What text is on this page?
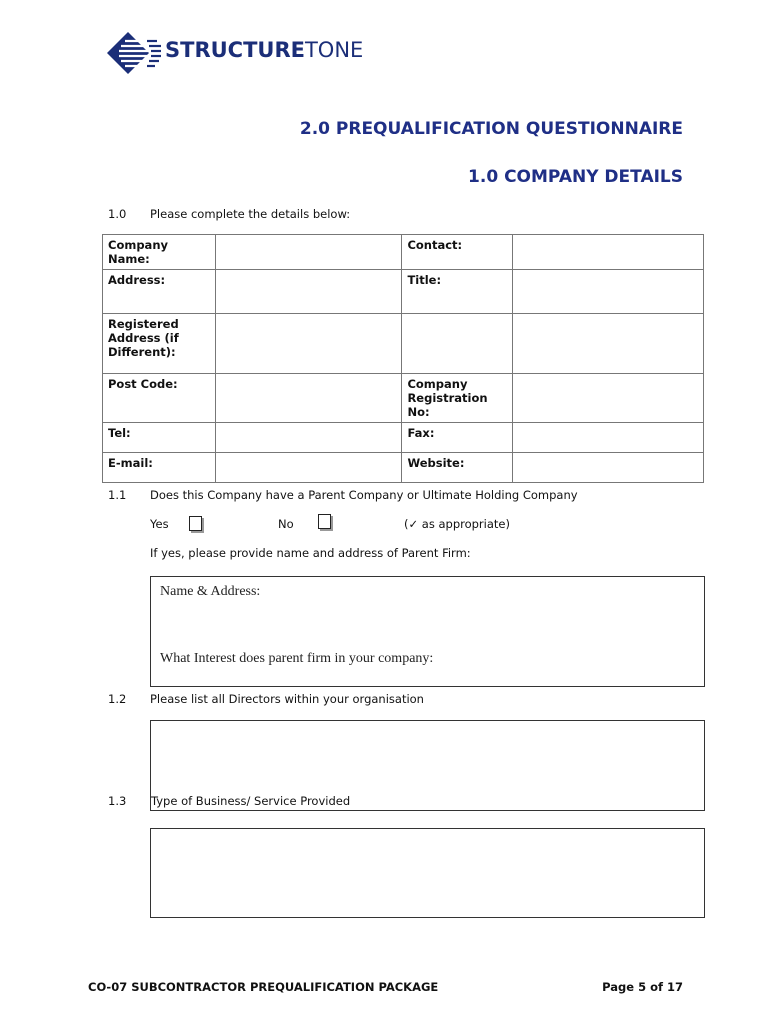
STRUCTURETONE
2.0 PREQUALIFICATION QUESTIONNAIRE
1.0 COMPANY DETAILS
1.0 Please complete the details below:
Company Name:		Contact:	
Address:		Title:	
Registered Address (if Different):			
Post Code:		Company Registration No:	
Tel:		Fax:	
E-mail:		Website:	
1.1 Does this Company have a Parent Company or Ultimate Holding Company
Yes	No	(✓ as appropriate)
If yes, please provide name and address of Parent Firm:
Name & Address:
What Interest does parent firm in your company:
1.2 Please list all Directors within your organisation
1.3 Type of Business/ Service Provided
CO-07 SUBCONTRACTOR PREQUALIFICATION PACKAGE	Page 5 of 17
